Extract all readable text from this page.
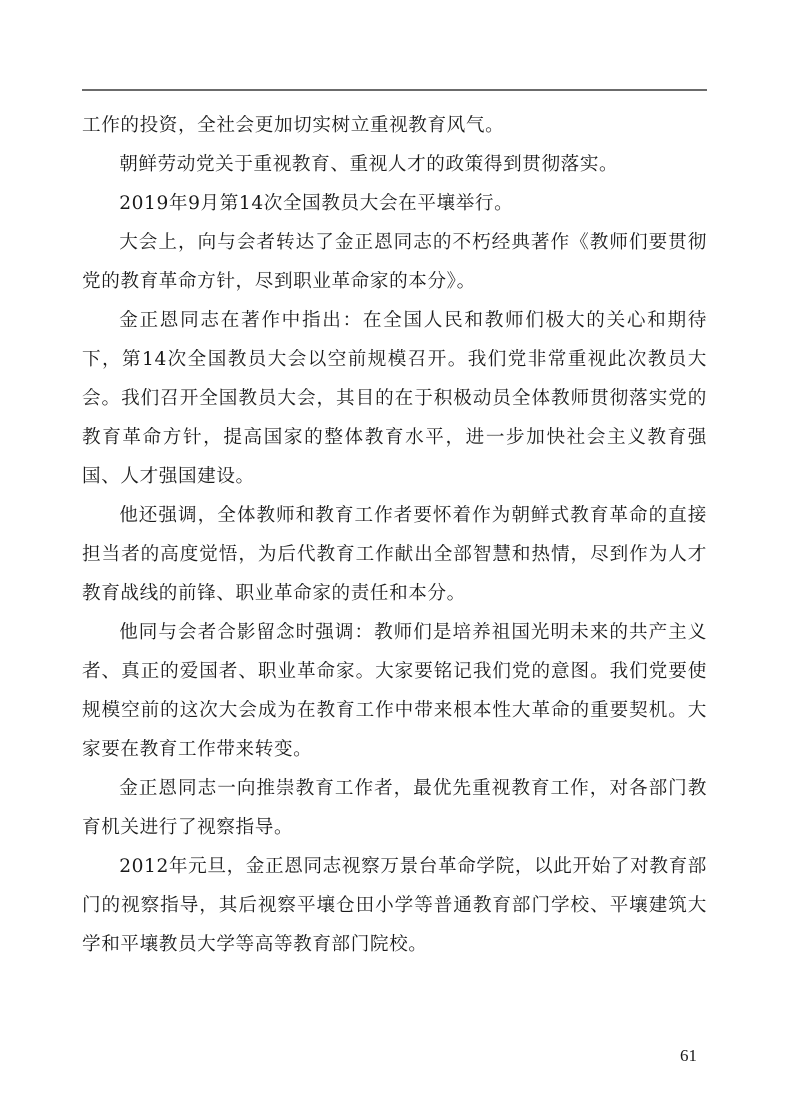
工作的投资，全社会更加切实树立重视教育风气。

朝鲜劳动党关于重视教育、重视人才的政策得到贯彻落实。

2019年9月第14次全国教员大会在平壤举行。

大会上，向与会者转达了金正恩同志的不朽经典著作《教师们要贯彻党的教育革命方针，尽到职业革命家的本分》。

金正恩同志在著作中指出：在全国人民和教师们极大的关心和期待下，第14次全国教员大会以空前规模召开。我们党非常重视此次教员大会。我们召开全国教员大会，其目的在于积极动员全体教师贯彻落实党的教育革命方针，提高国家的整体教育水平，进一步加快社会主义教育强国、人才强国建设。

他还强调，全体教师和教育工作者要怀着作为朝鲜式教育革命的直接担当者的高度觉悟，为后代教育工作献出全部智慧和热情，尽到作为人才教育战线的前锋、职业革命家的责任和本分。

他同与会者合影留念时强调：教师们是培养祖国光明未来的共产主义者、真正的爱国者、职业革命家。大家要铭记我们党的意图。我们党要使规模空前的这次大会成为在教育工作中带来根本性大革命的重要契机。大家要在教育工作带来转变。

金正恩同志一向推崇教育工作者，最优先重视教育工作，对各部门教育机关进行了视察指导。

2012年元旦，金正恩同志视察万景台革命学院，以此开始了对教育部门的视察指导，其后视察平壤仓田小学等普通教育部门学校、平壤建筑大学和平壤教员大学等高等教育部门院校。

61
